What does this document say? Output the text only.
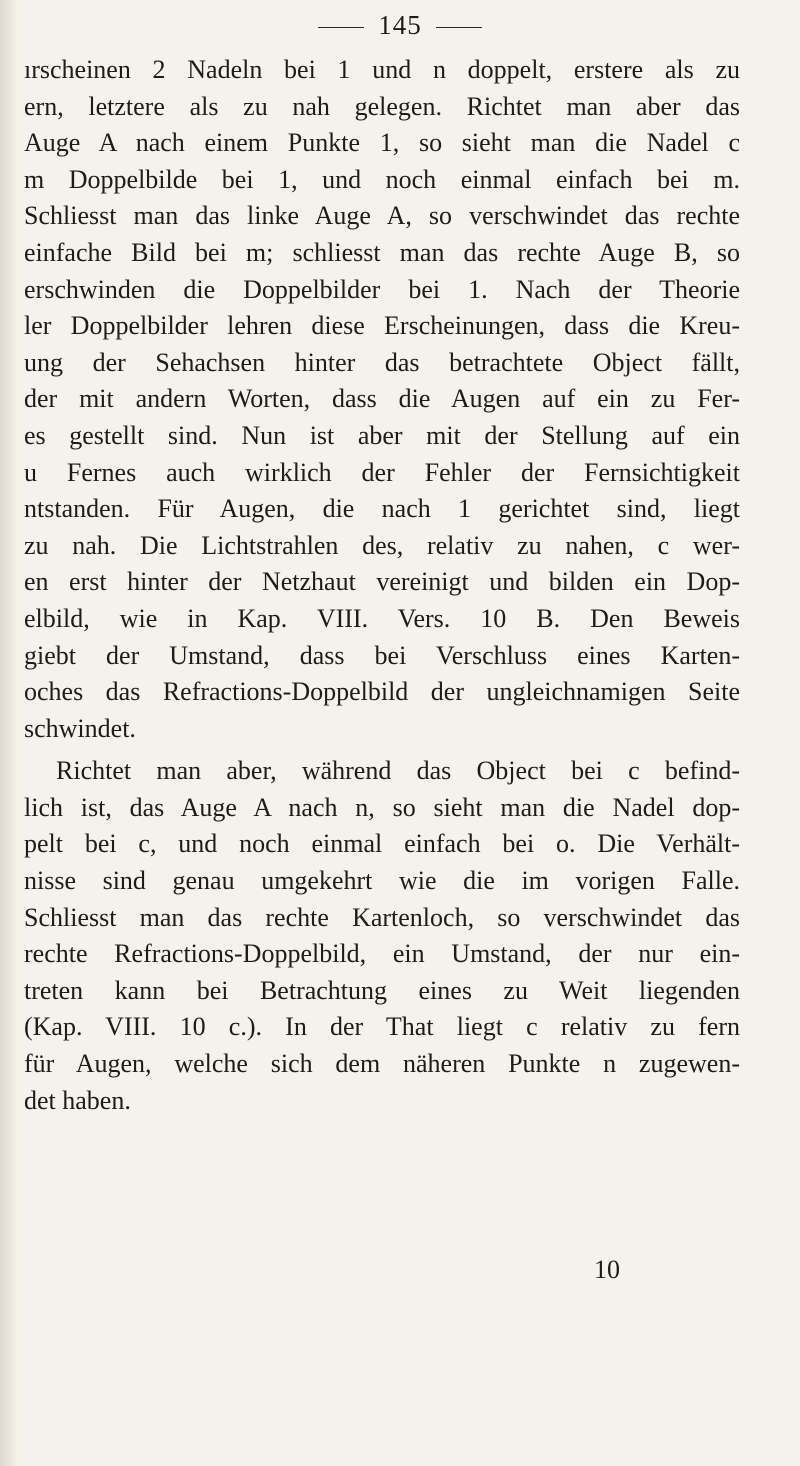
145
ırscheinen 2 Nadeln bei 1 und n doppelt, erstere als zu
ern, letztere als zu nah gelegen. Richtet man aber das
Auge A nach einem Punkte 1, so sieht man die Nadel c
m Doppelbilde bei 1, und noch einmal einfach bei m.
Schliesst man das linke Auge A, so verschwindet das rechte
einfache Bild bei m; schliesst man das rechte Auge B, so
erschwinden die Doppelbilder bei 1. Nach der Theorie
ler Doppelbilder lehren diese Erscheinungen, dass die Kreu-
ung der Sehachsen hinter das betrachtete Object fällt,
der mit andern Worten, dass die Augen auf ein zu Fer-
es gestellt sind. Nun ist aber mit der Stellung auf ein
u Fernes auch wirklich der Fehler der Fernsichtigkeit
ntstanden. Für Augen, die nach 1 gerichtet sind, liegt
zu nah. Die Lichtstrahlen des, relativ zu nahen, c wer-
en erst hinter der Netzhaut vereinigt und bilden ein Dop-
elbild, wie in Kap. VIII. Vers. 10 B. Den Beweis
giebt der Umstand, dass bei Verschluss eines Karten-
oches das Refractions-Doppelbild der ungleichnamigen Seite
schwindet.
Richtet man aber, während das Object bei c befind-
lich ist, das Auge A nach n, so sieht man die Nadel dop-
pelt bei c, und noch einmal einfach bei o. Die Verhält-
nisse sind genau umgekehrt wie die im vorigen Falle.
Schliesst man das rechte Kartenloch, so verschwindet das
rechte Refractions-Doppelbild, ein Umstand, der nur ein-
treten kann bei Betrachtung eines zu Weit liegenden
(Kap. VIII. 10 c.). In der That liegt c relativ zu fern
für Augen, welche sich dem näheren Punkte n zugewen-
det haben.
10
